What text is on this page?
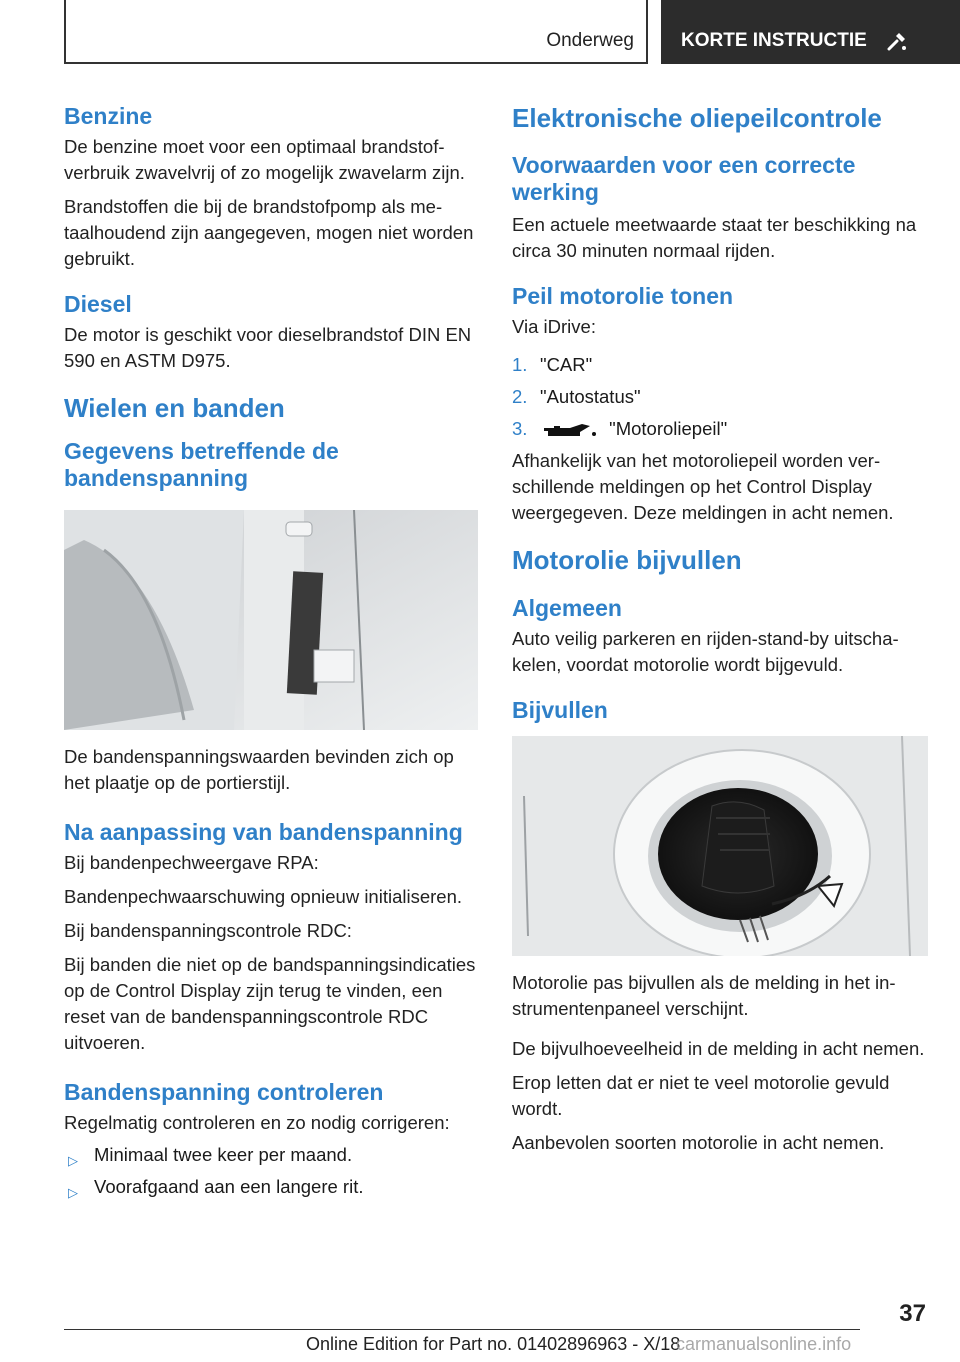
Onderweg KORTE INSTRUCTIE
Benzine

De benzine moet voor een optimaal brandstofverbruik zwavelvrij of zo mogelijk zwavelarm zijn.

Brandstoffen die bij de brandstofpomp als metaalhoudend zijn aangegeven, mogen niet worden gebruikt.

Diesel

De motor is geschikt voor dieselbrandstof DIN EN 590 en ASTM D975.

Wielen en banden
Gegevens betreffende de bandenspanning

De bandenspanningswaarden bevinden zich op het plaatje op de portierstijl.

Na aanpassing van bandenspanning

Bij bandenpechweergave RPA:

Bandenpechwaarschuwing opnieuw initialiseren.

Bij bandenspanningscontrole RDC:

Bij banden die niet op de bandspanningsindicaties op de Control Display zijn terug te vinden, een reset van de bandenspanningscontrole RDC uitvoeren.

Bandenspanning controleren

Regelmatig controleren en zo nodig corrigeren:

▷ Minimaal twee keer per maand.
▷ Voorafgaand aan een langere rit.
Elektronische oliepeilcontrole
Voorwaarden voor een correcte werking

Een actuele meetwaarde staat ter beschikking na circa 30 minuten normaal rijden.

Peil motorolie tonen

Via iDrive:

1. "CAR"
2. "Autostatus"
3.	"Motoroliepeil"

Afhankelijk van het motoroliepeil worden verschillende meldingen op het Control Display weergegeven. Deze meldingen in acht nemen.

Motorolie bijvullen
Algemeen

Auto veilig parkeren en rijden-stand-by uitschakelen, voordat motorolie wordt bijgevuld.

Bijvullen

Motorolie pas bijvullen als de melding in het instrumentenpaneel verschijnt.

De bijvulhoeveelheid in de melding in acht nemen.

Erop letten dat er niet te veel motorolie gevuld wordt.

Aanbevolen soorten motorolie in acht nemen.

37
Online Edition for Part no. 01402896963 - X/18
carmanualsonline.info
